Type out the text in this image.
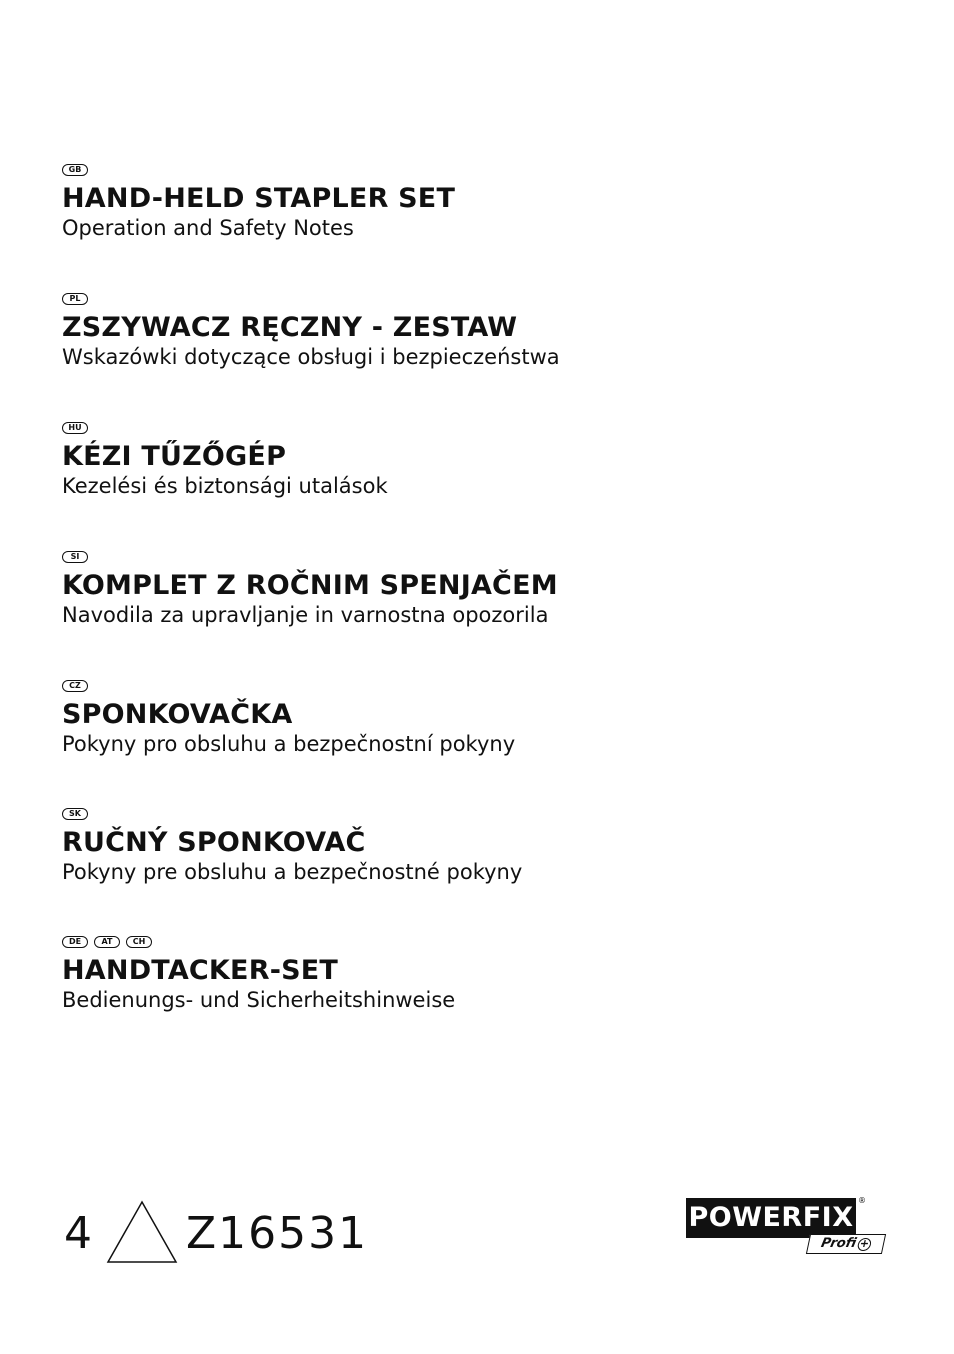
GB
HAND-HELD STAPLER SET
Operation and Safety Notes
PL
ZSZYWACZ RĘCZNY - ZESTAW
Wskazówki dotyczące obsługi i bezpieczeństwa
HU
KÉZI TŰZŐGÉP
Kezelési és biztonsági utalások
SI
KOMPLET Z ROČNIM SPENJAČEM
Navodila za upravljanje in varnostna opozorila
CZ
SPONKOVAČKA
Pokyny pro obsluhu a bezpečnostní pokyny
SK
RUČNÝ SPONKOVAČ
Pokyny pre obsluhu a bezpečnostné pokyny
DE	AT	CH
HANDTACKER-SET
Bedienungs- und Sicherheitshinweise
4 Z16531	POWERFIX
®
Profi +
